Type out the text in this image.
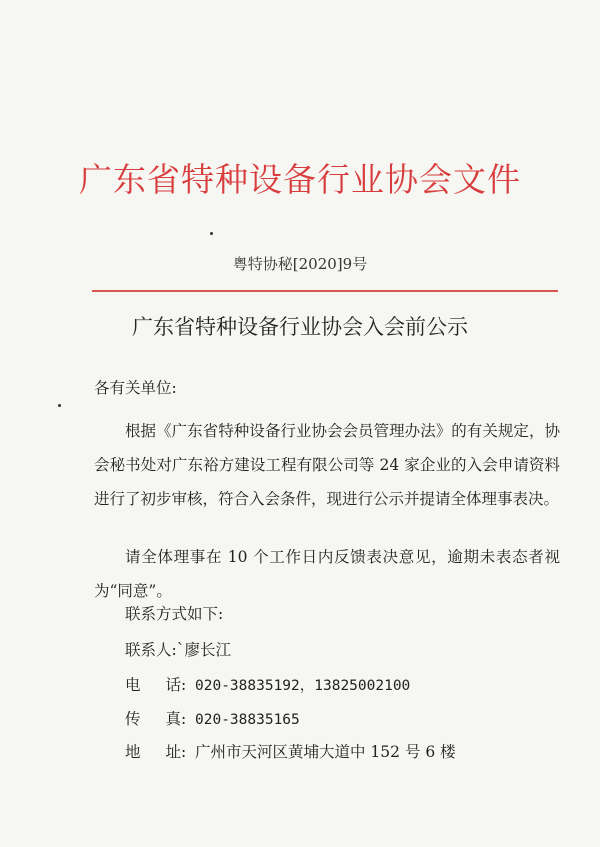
广东省特种设备行业协会文件
粤特协秘[2020]9号
广东省特种设备行业协会入会前公示
各有关单位:
根据《广东省特种设备行业协会会员管理办法》的有关规定，协会秘书处对广东裕方建设工程有限公司等 24 家企业的入会申请资料进行了初步审核，符合入会条件，现进行公示并提请全体理事表决。
请全体理事在 10 个工作日内反馈表决意见，逾期未表态者视为“同意”。
联系方式如下:
联系人:`廖长江
电 话: 020-38835192，13825002100
传 真: 020-38835165
地 址: 广州市天河区黄埔大道中 152 号 6 楼
